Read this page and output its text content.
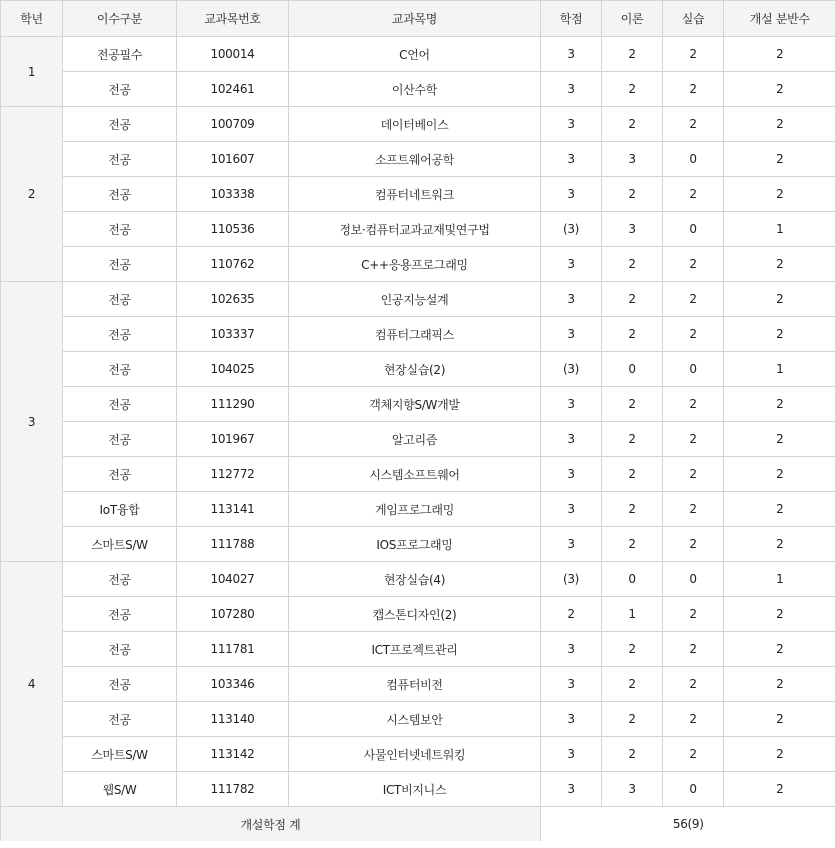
학년	이수구분	교과목번호	교과목명	학점	이론	실습	개설 분반수
1	전공필수	100014	C언어	3	2	2	2
	전공	102461	이산수학	3	2	2	2
2	전공	100709	데이터베이스	3	2	2	2
	전공	101607	소프트웨어공학	3	3	0	2
	전공	103338	컴퓨터네트워크	3	2	2	2
	전공	110536	정보·컴퓨터교과교재및연구법	(3)	3	0	1
	전공	110762	C++응용프로그래밍	3	2	2	2
3	전공	102635	인공지능설계	3	2	2	2
	전공	103337	컴퓨터그래픽스	3	2	2	2
	전공	104025	현장실습(2)	(3)	0	0	1
	전공	111290	객체지향S/W개발	3	2	2	2
	전공	101967	알고리즘	3	2	2	2
	전공	112772	시스템소프트웨어	3	2	2	2
	IoT융합	113141	게임프로그래밍	3	2	2	2
	스마트S/W	111788	IOS프로그래밍	3	2	2	2
4	전공	104027	현장실습(4)	(3)	0	0	1
	전공	107280	캡스톤디자인(2)	2	1	2	2
	전공	111781	ICT프로젝트관리	3	2	2	2
	전공	103346	컴퓨터비전	3	2	2	2
	전공	113140	시스템보안	3	2	2	2
	스마트S/W	113142	사물인터넷네트워킹	3	2	2	2
	웹S/W	111782	ICT비지니스	3	3	0	2
개설학점 계				56(9)			
